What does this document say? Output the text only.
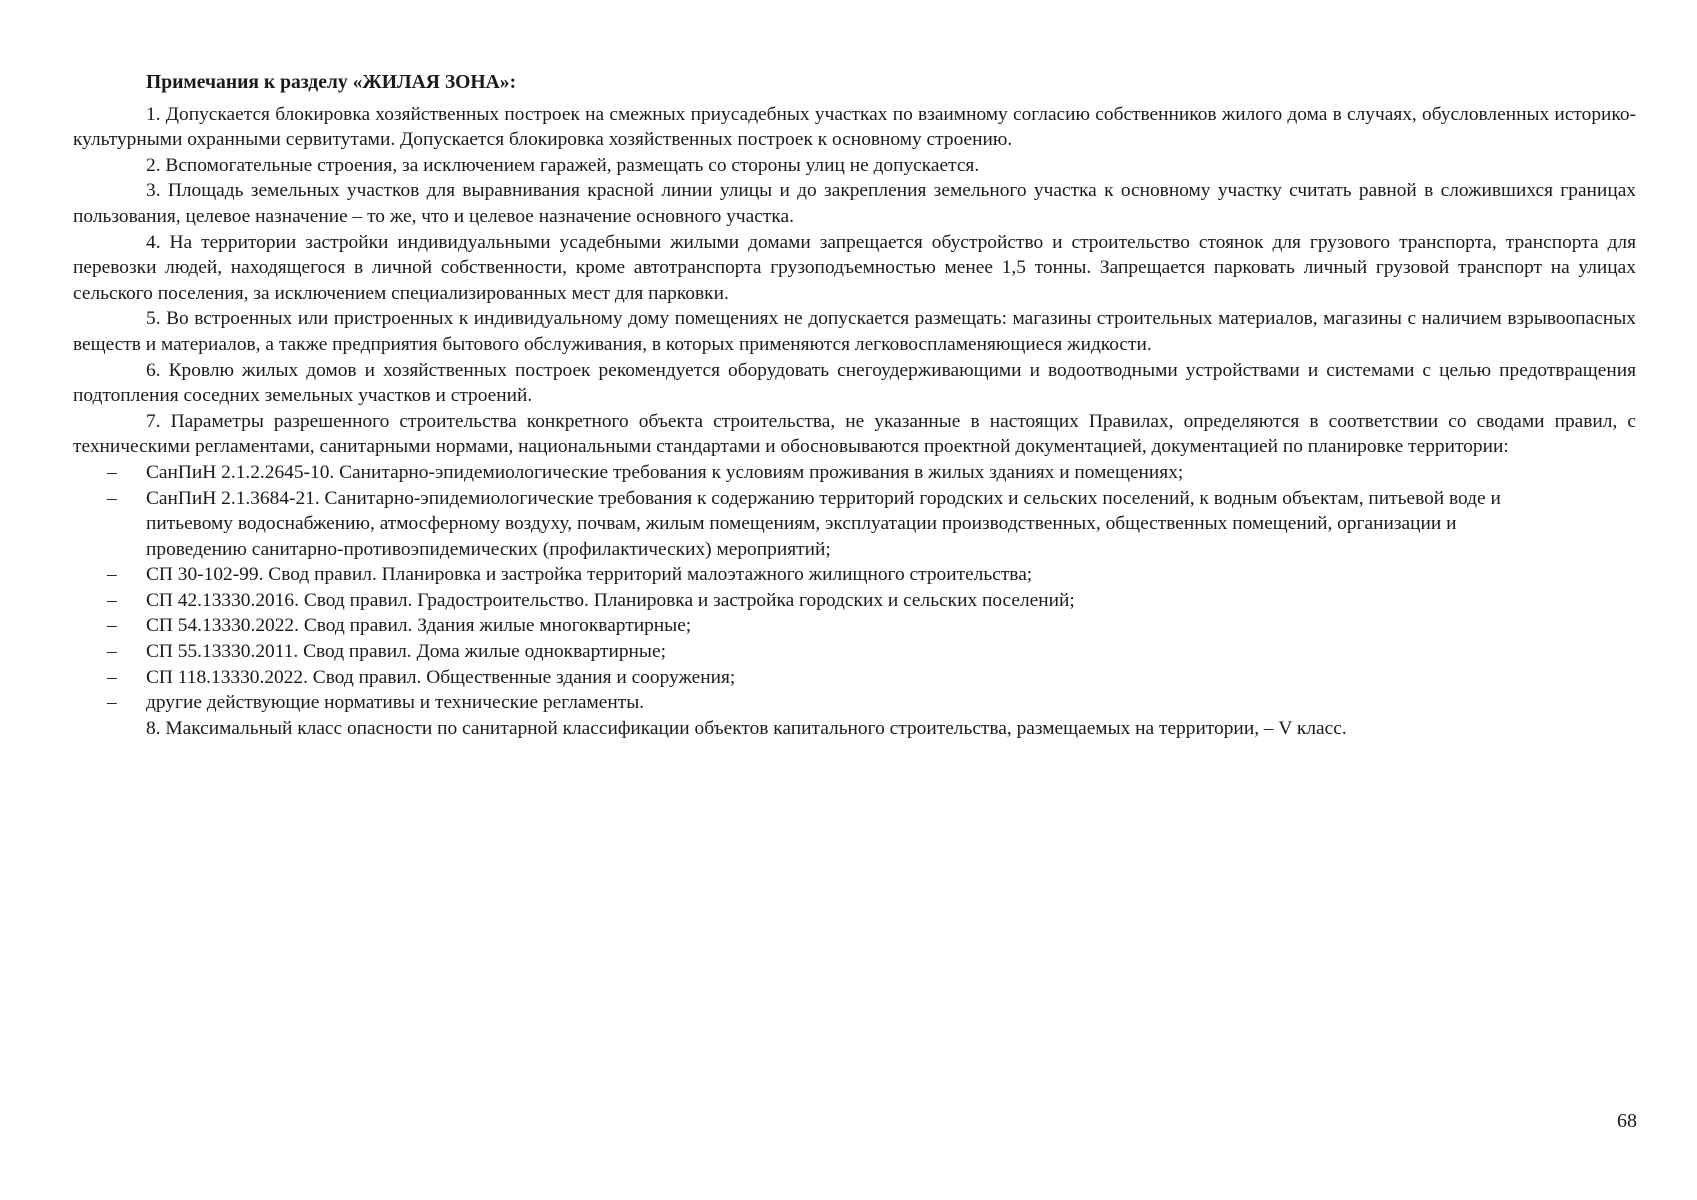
Примечания к разделу «ЖИЛАЯ ЗОНА»:

1. Допускается блокировка хозяйственных построек на смежных приусадебных участках по взаимному согласию собственников жилого дома в случаях, обусловленных историко-культурными охранными сервитутами. Допускается блокировка хозяйственных построек к основному строению.

2. Вспомогательные строения, за исключением гаражей, размещать со стороны улиц не допускается.

3. Площадь земельных участков для выравнивания красной линии улицы и до закрепления земельного участка к основному участку считать равной в сложившихся границах пользования, целевое назначение – то же, что и целевое назначение основного участка.

4. На территории застройки индивидуальными усадебными жилыми домами запрещается обустройство и строительство стоянок для грузового транспорта, транспорта для перевозки людей, находящегося в личной собственности, кроме автотранспорта грузоподъемностью менее 1,5 тонны. Запрещается парковать личный грузовой транспорт на улицах сельского поселения, за исключением специализированных мест для парковки.

5. Во встроенных или пристроенных к индивидуальному дому помещениях не допускается размещать: магазины строительных материалов, магазины с наличием взрывоопасных веществ и материалов, а также предприятия бытового обслуживания, в которых применяются легковоспламеняющиеся жидкости.

6. Кровлю жилых домов и хозяйственных построек рекомендуется оборудовать снегоудерживающими и водоотводными устройствами и системами с целью предотвращения подтопления соседних земельных участков и строений.

7. Параметры разрешенного строительства конкретного объекта строительства, не указанные в настоящих Правилах, определяются в соответствии со сводами правил, с техническими регламентами, санитарными нормами, национальными стандартами и обосновываются проектной документацией, документацией по планировке территории:

– СанПиН 2.1.2.2645-10. Санитарно-эпидемиологические требования к условиям проживания в жилых зданиях и помещениях;
– СанПиН 2.1.3684-21. Санитарно-эпидемиологические требования к содержанию территорий городских и сельских поселений, к водным объектам, питьевой воде и питьевому водоснабжению, атмосферному воздуху, почвам, жилым помещениям, эксплуатации производственных, общественных помещений, организации и проведению санитарно-противоэпидемических (профилактических) мероприятий;
– СП 30-102-99. Свод правил. Планировка и застройка территорий малоэтажного жилищного строительства;
– СП 42.13330.2016. Свод правил. Градостроительство. Планировка и застройка городских и сельских поселений;
– СП 54.13330.2022. Свод правил. Здания жилые многоквартирные;
– СП 55.13330.2011. Свод правил. Дома жилые одноквартирные;
– СП 118.13330.2022. Свод правил. Общественные здания и сооружения;
– другие действующие нормативы и технические регламенты.

8. Максимальный класс опасности по санитарной классификации объектов капитального строительства, размещаемых на территории, – V класс.

68
